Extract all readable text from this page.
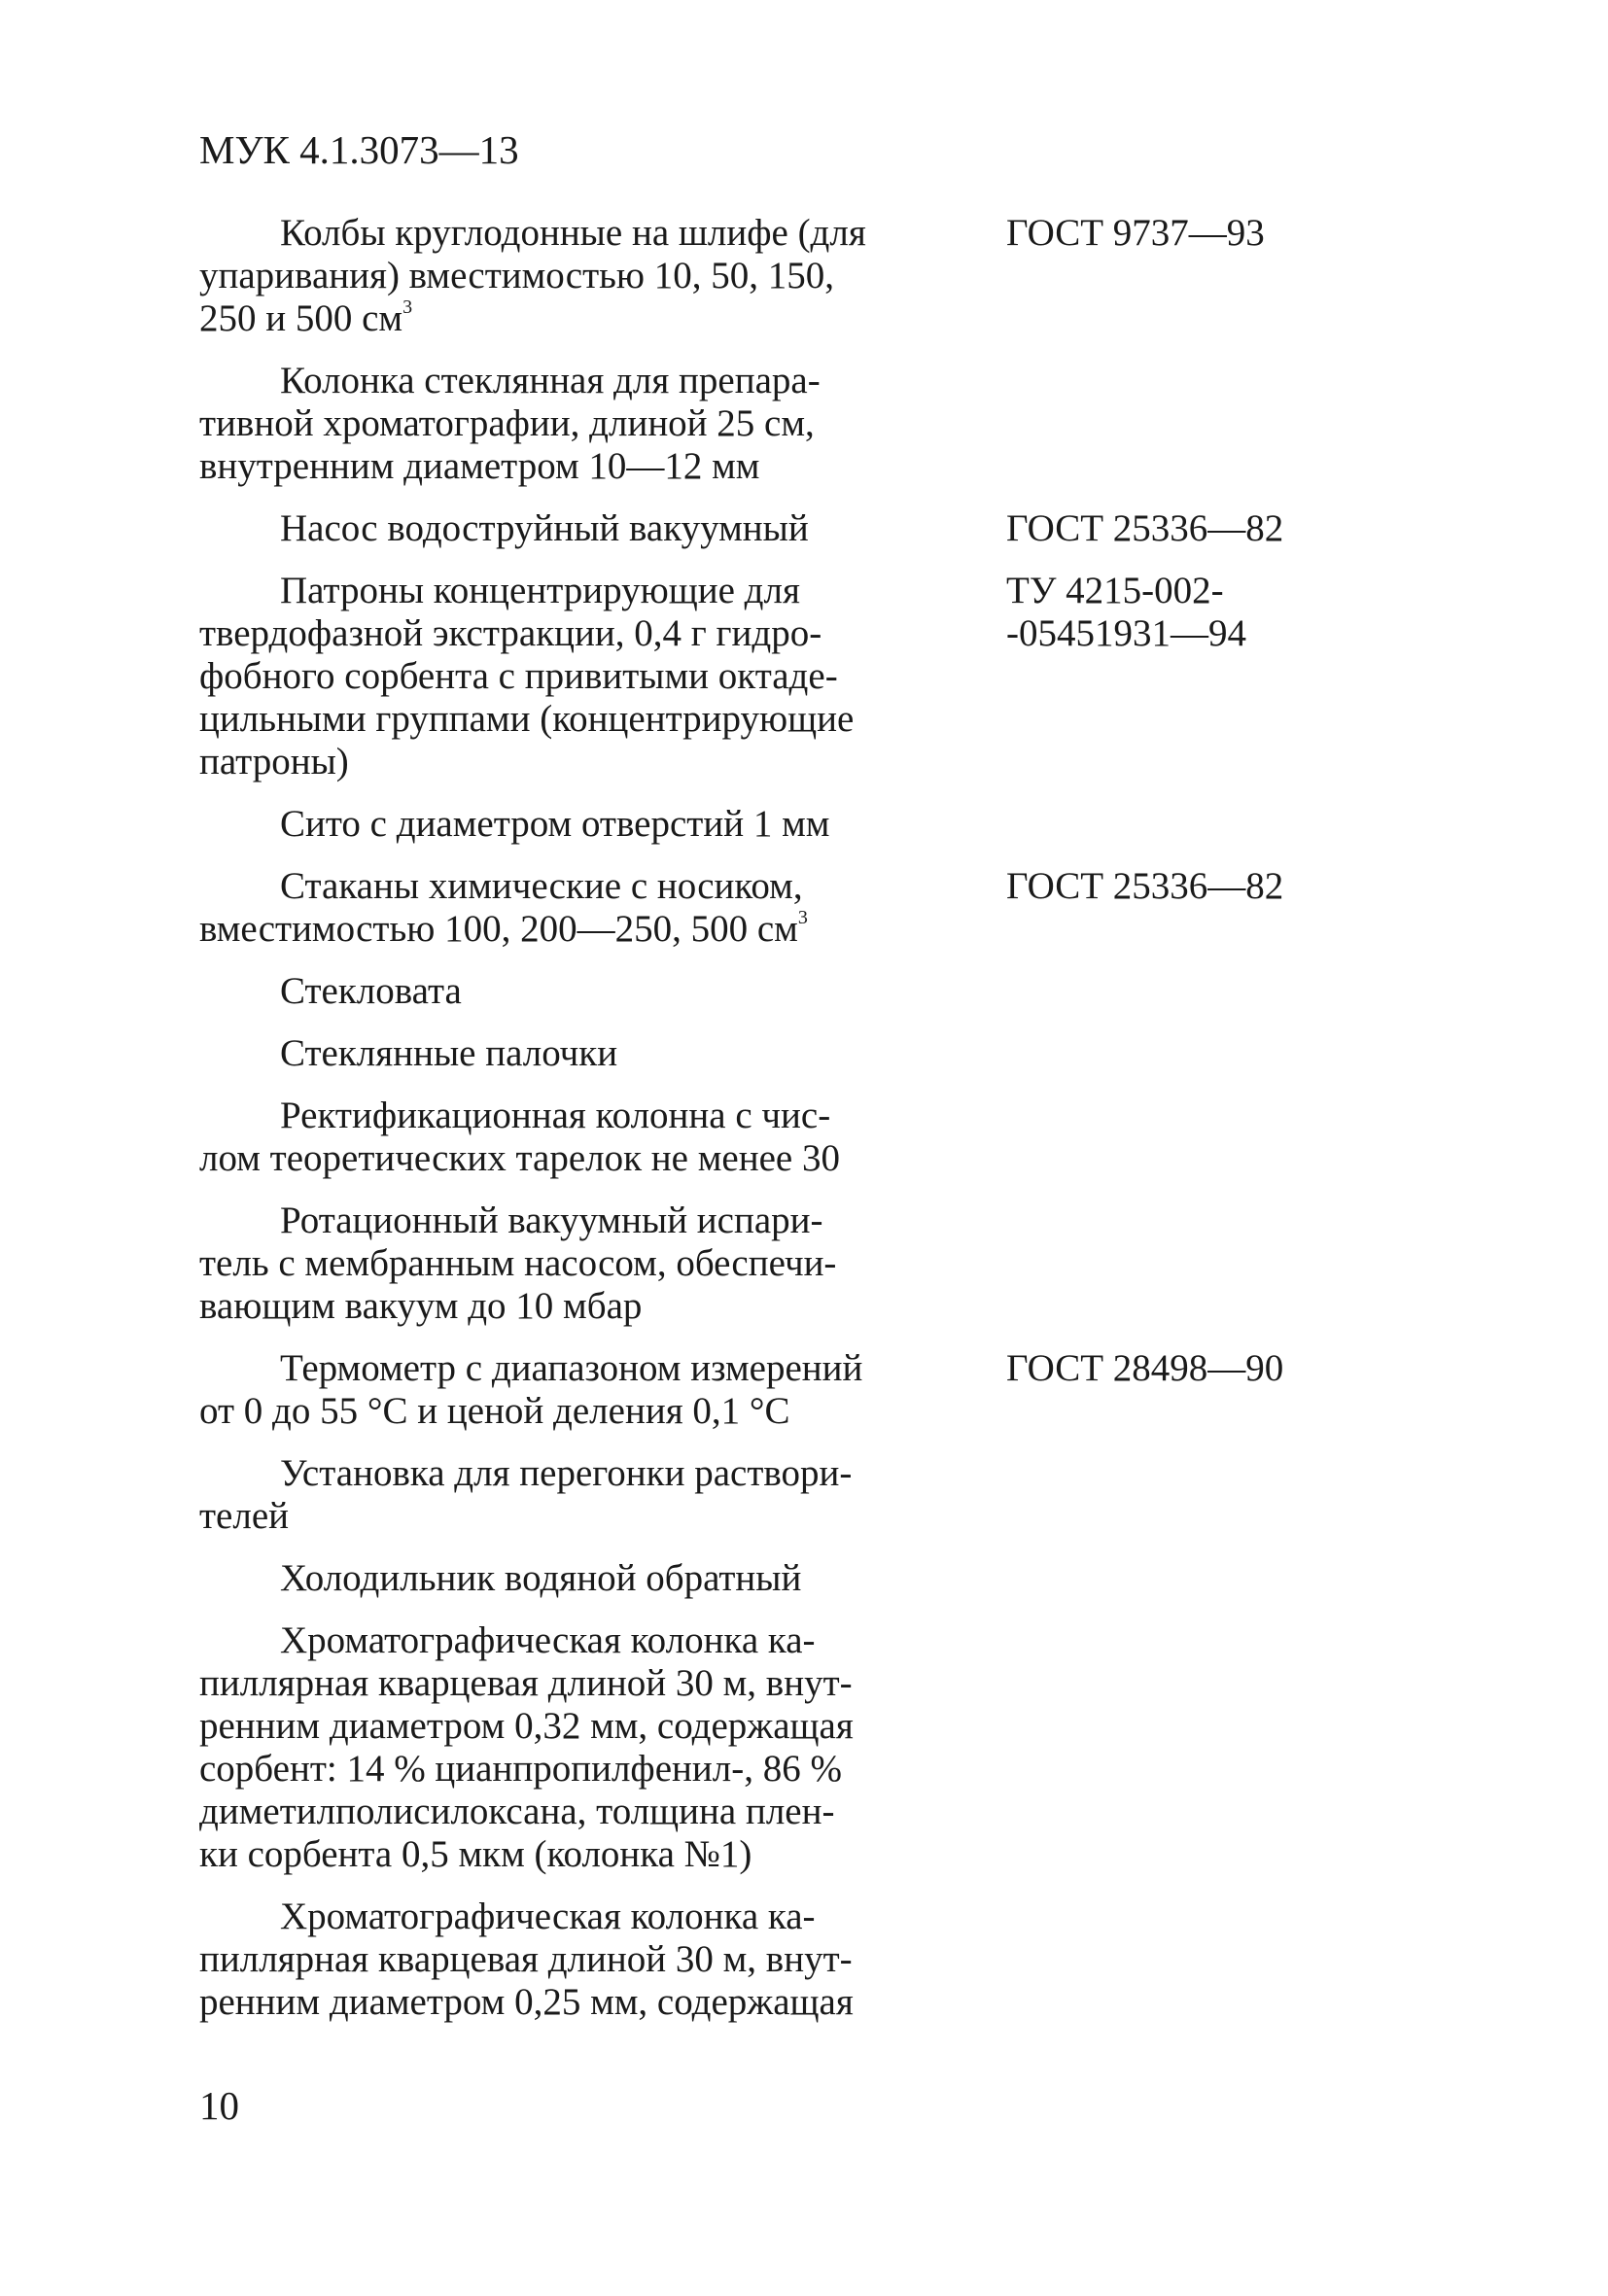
МУК 4.1.3073—13
Колбы круглодонные на шлифе (для
упаривания) вместимостью 10, 50, 150,
250 и 500 $см^3$
ГОСТ 9737—93
Колонка стеклянная для препара-
тивной хроматографии, длиной 25 см,
внутренним диаметром 10—12 мм
Насос водоструйный вакуумный	ГОСТ 25336—82
Патроны концентрирующие для
твердофазной экстракции, 0,4 г гидро-
фобного сорбента с привитыми октаде-
цильными группами (концентрирующие
патроны)
ТУ 4215-002-
-05451931—94
Сито с диаметром отверстий 1 мм
Стаканы химические с носиком,
вместимостью 100, 200—250, 500 $см^3$
ГОСТ 25336—82
Стекловата
Стеклянные палочки
Ректификационная колонна с чис-
лом теоретических тарелок не менее 30
Ротационный вакуумный испари-
тель с мембранным насосом, обеспечи-
вающим вакуум до 10 мбар
Термометр с диапазоном измерений
от 0 до 55 °С и ценой деления 0,1 °С
ГОСТ 28498—90
Установка для перегонки раствори-
телей
Холодильник водяной обратный
Хроматографическая колонка ка-
пиллярная кварцевая длиной 30 м, внут-
ренним диаметром 0,32 мм, содержащая
сорбент: 14 % цианпропилфенил-, 86 %
диметилполисилоксана, толщина плен-
ки сорбента 0,5 мкм (колонка №1)
Хроматографическая колонка ка-
пиллярная кварцевая длиной 30 м, внут-
ренним диаметром 0,25 мм, содержащая
10
